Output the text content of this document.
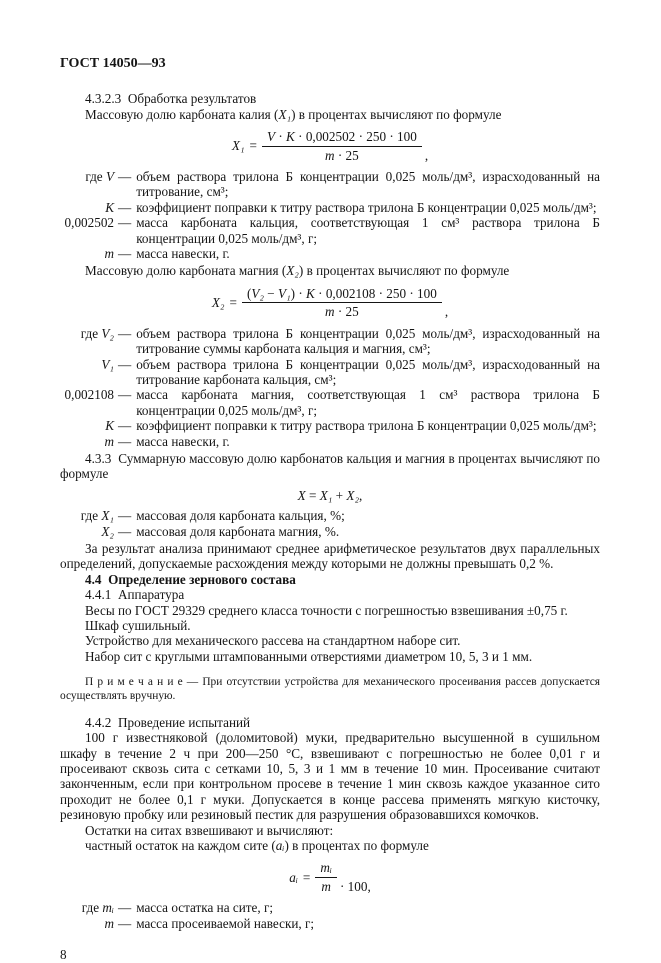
ГОСТ 14050—93

4.3.2.3  Обработка результатов

Массовую долю карбоната калия (X₁) в процентах вычисляют по формуле

$X_1 = \frac{V \cdot K \cdot 0,002502 \cdot 250 \cdot 100}{m \cdot 25}$ ,
где V — объем раствора трилона Б концентрации 0,025 моль/дм³, израсходованный на титрование, см³;
K — коэффициент поправки к титру раствора трилона Б концентрации 0,025 моль/дм³;
0,002502 — масса карбоната кальция, соответствующая 1 см³ раствора трилона Б концентрации 0,025 моль/дм³, г;
m — масса навески, г.

Массовую долю карбоната магния (X₂) в процентах вычисляют по формуле

$X_2 = \frac{\text{(V₂ − V₁) · K · 0,002108 · 250 · 100}}{m \cdot 25}$ ,
где V₂ — объем раствора трилона Б концентрации 0,025 моль/дм³, израсходованный на титрование суммы карбоната кальция и магния, см³;
V₁ — объем раствора трилона Б концентрации 0,025 моль/дм³, израсходованный на титрование карбоната кальция, см³;
0,002108 — масса карбоната магния, соответствующая 1 см³ раствора трилона Б концентрации 0,025 моль/дм³, г;
K — коэффициент поправки к титру раствора трилона Б концентрации 0,025 моль/дм³;
m — масса навески, г.

4.3.3  Суммарную массовую долю карбонатов кальция и магния в процентах вычисляют по формуле

X = X₁ + X₂,

где X₁ — массовая доля карбоната кальция, %;
X₂ — массовая доля карбоната магния, %.

За результат анализа принимают среднее арифметическое результатов двух параллельных определений, допускаемые расхождения между которыми не должны превышать 0,2 %.

4.4  Определение зернового состава

4.4.1  Аппаратура

Весы по ГОСТ 29329 среднего класса точности с погрешностью взвешивания ±0,75 г.

Шкаф сушильный.

Устройство для механического рассева на стандартном наборе сит.

Набор сит с круглыми штампованными отверстиями диаметром 10, 5, 3 и 1 мм.

П р и м е ч а н и е — При отсутствии устройства для механического просеивания рассев допускается осуществлять вручную.

4.4.2  Проведение испытаний

100 г известняковой (доломитовой) муки, предварительно высушенной в сушильном шкафу в течение 2 ч при 200—250 °С, взвешивают с погрешностью не более 0,01 г и просеивают сквозь сита с сетками 10, 5, 3 и 1 мм в течение 10 мин. Просеивание считают законченным, если при контрольном просеве в течение 1 мин сквозь каждое указанное сито проходит не более 0,1 г муки. Допускается в конце рассева применять мягкую кисточку, резиновую пробку или резиновый пестик для разрушения образовавшихся комочков.

Остатки на ситах взвешивают и вычисляют:

частный остаток на каждом сите (aᵢ) в процентах по формуле

aᵢ = $\frac{\text{mᵢ}}{m} \cdot 100$,
где mᵢ — масса остатка на сите, г;
m — масса просеиваемой навески, г;
8
